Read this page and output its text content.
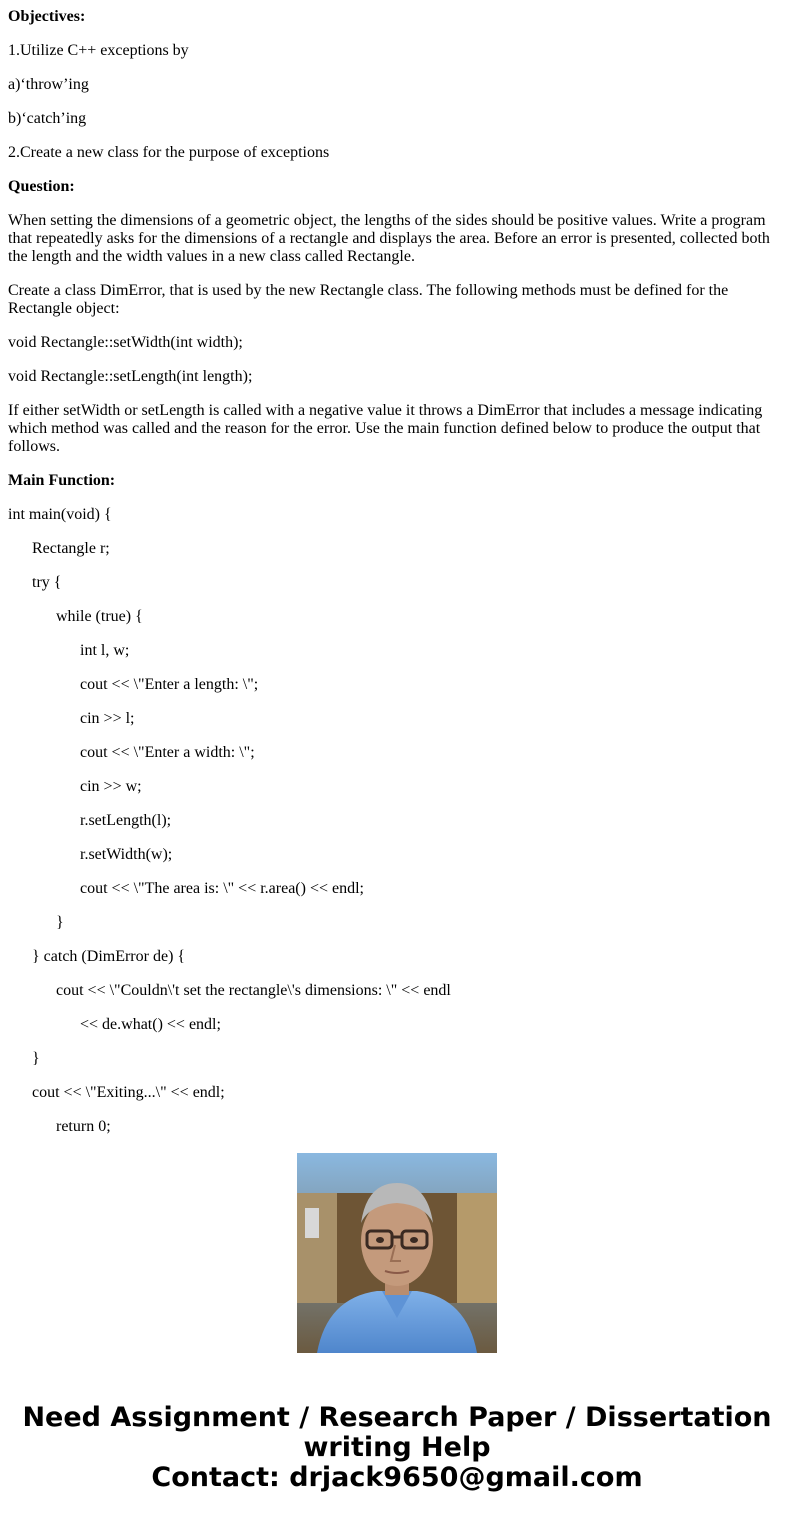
Objectives:

1.Utilize C++ exceptions by

a)‘throw’ing

b)‘catch’ing

2.Create a new class for the purpose of exceptions

Question:

When setting the dimensions of a geometric object, the lengths of the sides should be positive values. Write a program that repeatedly asks for the dimensions of a rectangle and displays the area. Before an error is presented, collected both the length and the width values in a new class called Rectangle.

Create a class DimError, that is used by the new Rectangle class. The following methods must be defined for the Rectangle object:

void Rectangle::setWidth(int width);

void Rectangle::setLength(int length);

If either setWidth or setLength is called with a negative value it throws a DimError that includes a message indicating which method was called and the reason for the error. Use the main function defined below to produce the output that follows.

Main Function:

int main(void) {

Rectangle r;

try {

while (true) {

int l, w;

cout << \"Enter a length: \";

cin >> l;

cout << \"Enter a width: \";

cin >> w;

r.setLength(l);

r.setWidth(w);

cout << \"The area is: \" << r.area() << endl;

}

} catch (DimError de) {

cout << \"Couldn\'t set the rectangle\'s dimensions: \" << endl

<< de.what() << endl;

}

cout << \"Exiting...\" << endl;

return 0;

Need Assignment / Research Paper / Dissertation
writing Help
Contact: drjack9650@gmail.com
